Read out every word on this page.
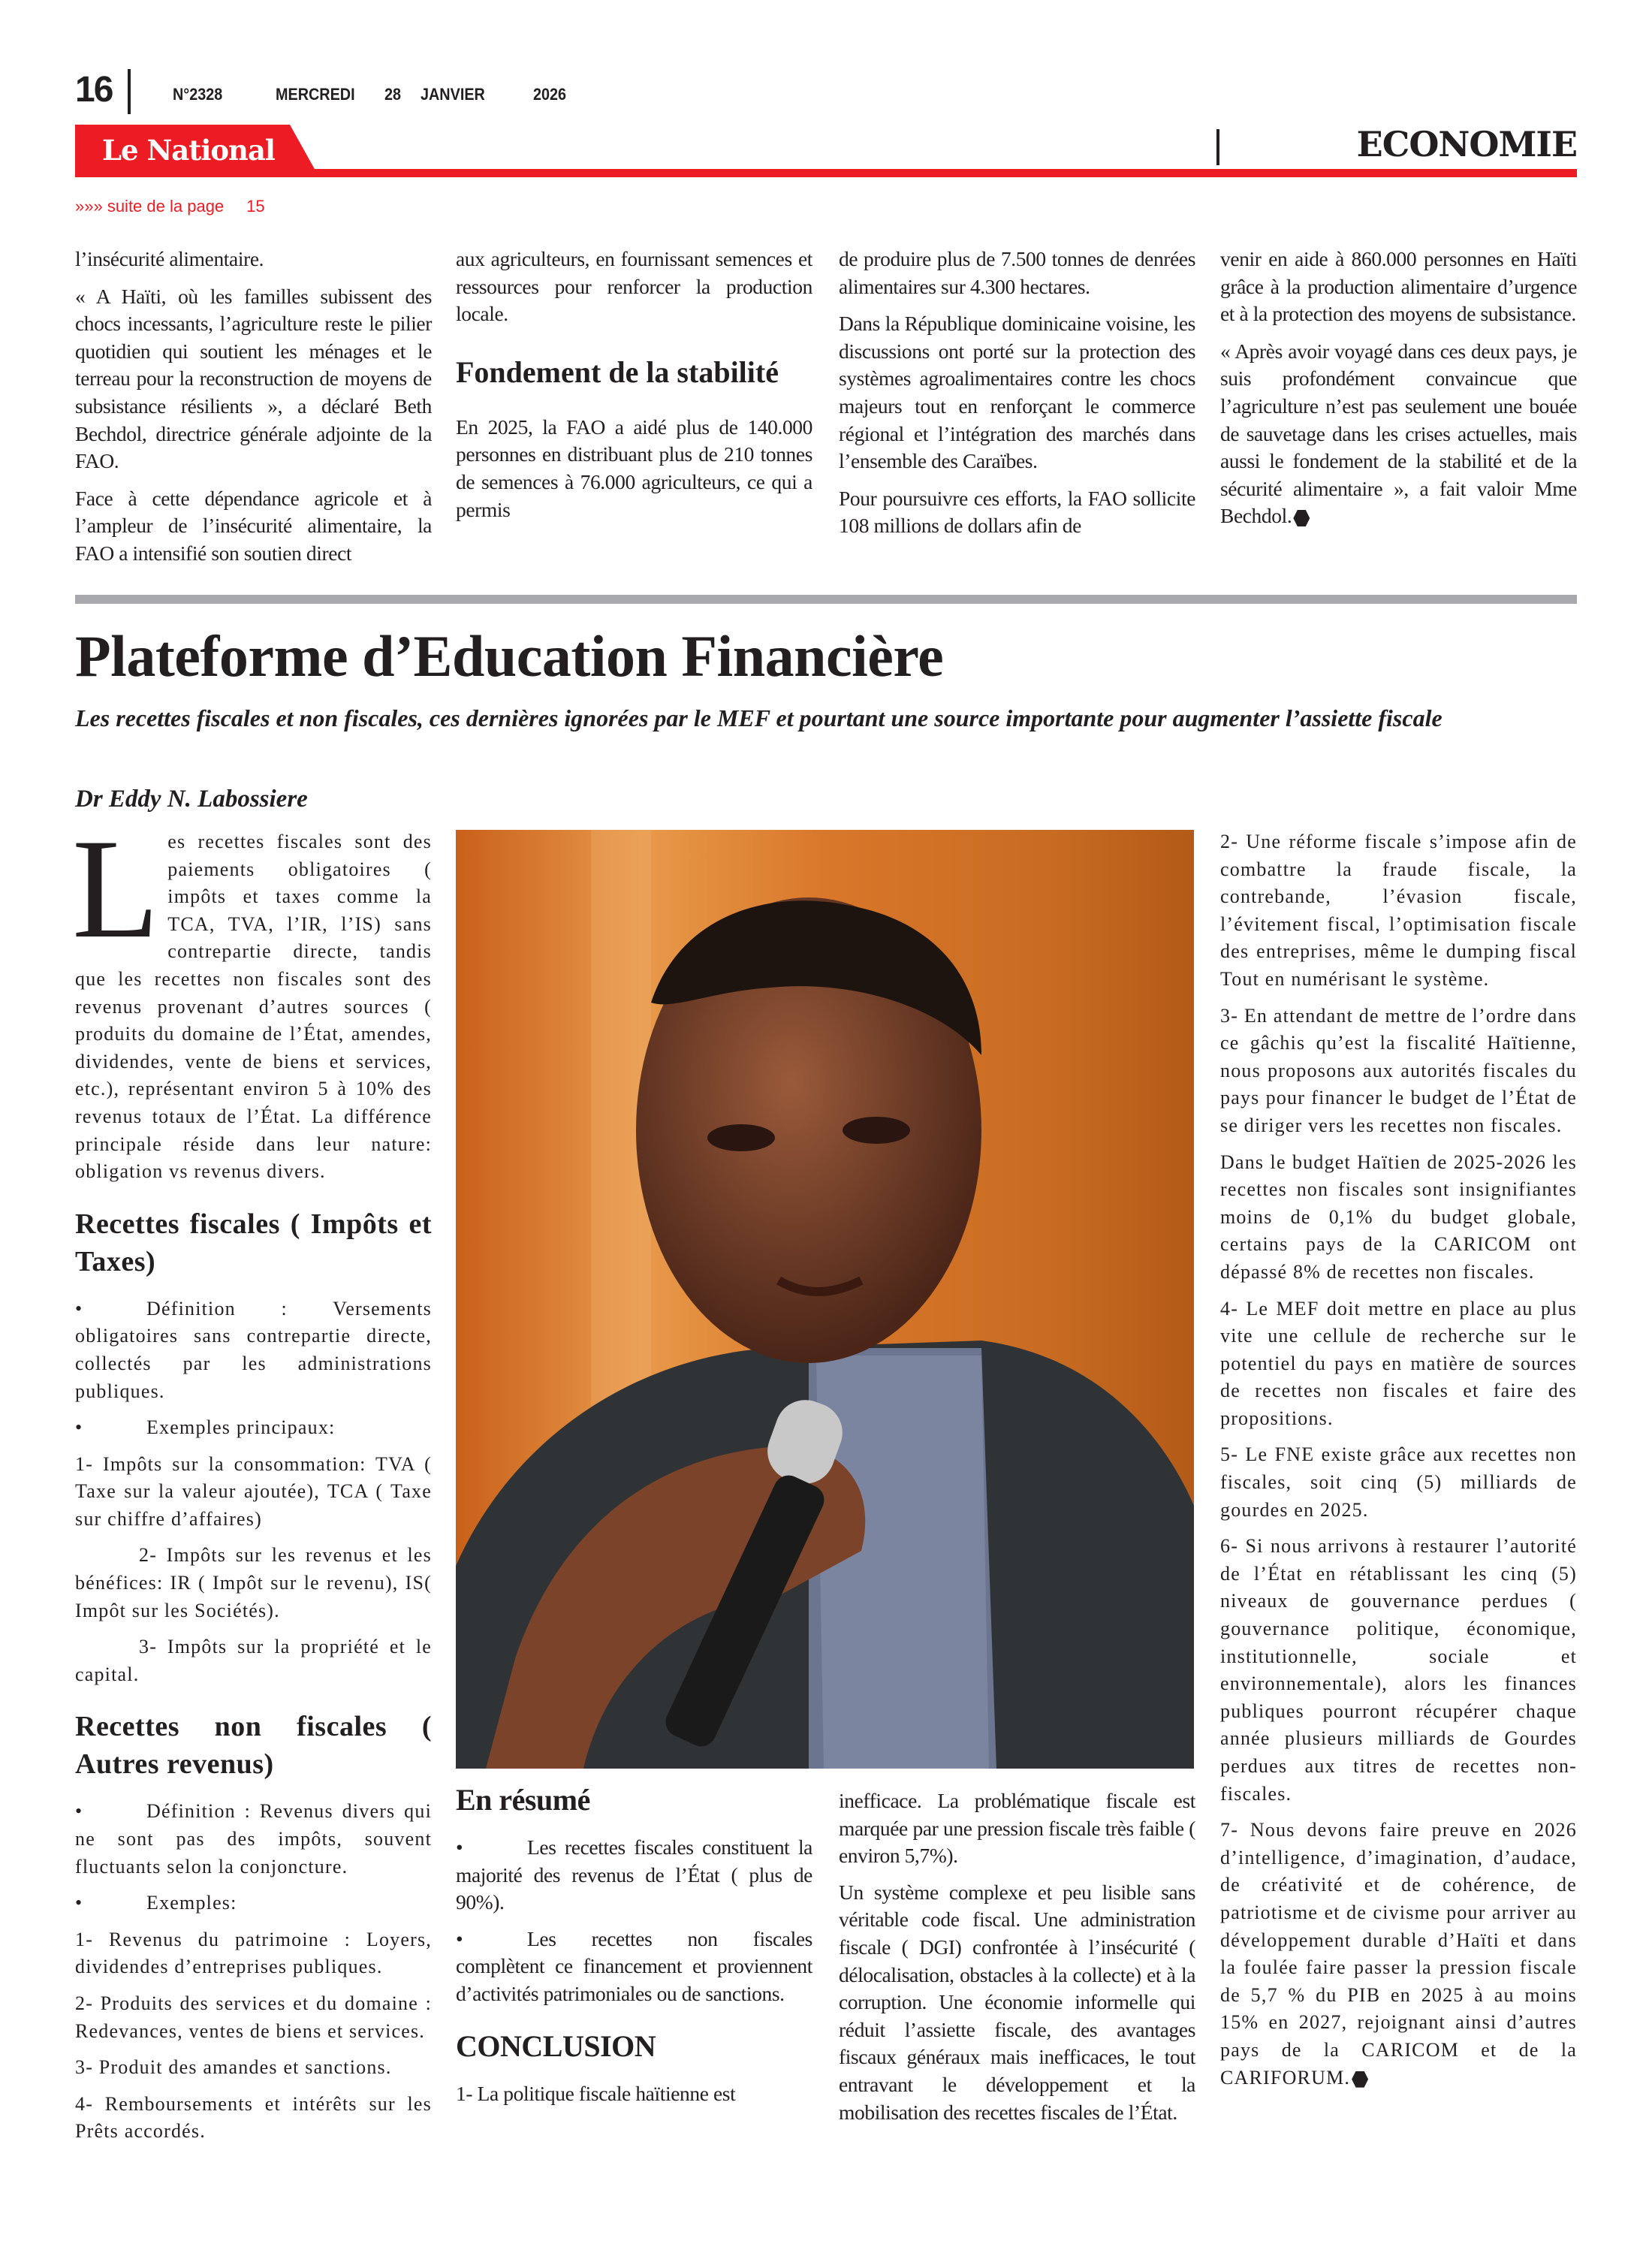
16	N°2328	MERCREDI 28 JANVIER	2026
Le National	ECONOMIE
»»» suite de la page 15

l’insécurité alimentaire.

« A Haïti, où les familles subissent des chocs incessants, l’agriculture reste le pilier quotidien qui soutient les ménages et le terreau pour la reconstruction de moyens de subsistance résilients », a déclaré Beth Bechdol, directrice générale adjointe de la FAO.

Face à cette dépendance agricole et à l’ampleur de l’insécurité alimentaire, la FAO a intensifié son soutien direct

aux agriculteurs, en fournissant semences et ressources pour renforcer la production locale.

Fondement de la stabilité

En 2025, la FAO a aidé plus de 140.000 personnes en distribuant plus de 210 tonnes de semences à 76.000 agriculteurs, ce qui a permis

de produire plus de 7.500 tonnes de denrées alimentaires sur 4.300 hectares.

Dans la République dominicaine voisine, les discussions ont porté sur la protection des systèmes agroalimentaires contre les chocs majeurs tout en renforçant le commerce régional et l’intégration des marchés dans l’ensemble des Caraïbes.

Pour poursuivre ces efforts, la FAO sollicite 108 millions de dollars afin de

venir en aide à 860.000 personnes en Haïti grâce à la production alimentaire d’urgence et à la protection des moyens de subsistance.

« Après avoir voyagé dans ces deux pays, je suis profondément convaincue que l’agriculture n’est pas seulement une bouée de sauvetage dans les crises actuelles, mais aussi le fondement de la stabilité et de la sécurité alimentaire », a fait valoir Mme Bechdol.

Plateforme d’Education Financière
Les recettes fiscales et non fiscales, ces dernières ignorées par le MEF et pourtant une source importante pour augmenter l’assiette fiscale
Dr Eddy N. Labossiere

Les recettes fiscales sont des paiements obligatoires ( impôts et taxes comme la TCA, TVA, l’IR, l’IS) sans contrepartie directe, tandis que les recettes non fiscales sont des revenus provenant d’autres sources ( produits du domaine de l’État, amendes, dividendes, vente de biens et services, etc.), représentant environ 5 à 10% des revenus totaux de l’État. La différence principale réside dans leur nature: obligation vs revenus divers.

Recettes fiscales ( Impôts et Taxes)

•	Définition : Versements obligatoires sans contrepartie directe, collectés par les administrations publiques.

•	Exemples principaux:

1- Impôts sur la consommation: TVA ( Taxe sur la valeur ajoutée), TCA ( Taxe sur chiffre d’affaires)

2- Impôts sur les revenus et les bénéfices: IR ( Impôt sur le revenu), IS( Impôt sur les Sociétés).

3- Impôts sur la propriété et le capital.

Recettes non fiscales ( Autres revenus)

•	Définition : Revenus divers qui ne sont pas des impôts, souvent fluctuants selon la conjoncture.

•	Exemples:

1- Revenus du patrimoine : Loyers, dividendes d’entreprises publiques.

2- Produits des services et du domaine : Redevances, ventes de biens et services.

3- Produit des amandes et sanctions.

4- Remboursements et intérêts sur les Prêts accordés.

En résumé

•	Les recettes fiscales constituent la majorité des revenus de l’État ( plus de 90%).

•	Les recettes non fiscales complètent ce financement et proviennent d’activités patrimoniales ou de sanctions.

CONCLUSION

1- La politique fiscale haïtienne est

inefficace. La problématique fiscale est marquée par une pression fiscale très faible ( environ 5,7%).

Un système complexe et peu lisible sans véritable code fiscal. Une administration fiscale ( DGI) confrontée à l’insécurité ( délocalisation, obstacles à la collecte) et à la corruption. Une économie informelle qui réduit l’assiette fiscale, des avantages fiscaux généraux mais inefficaces, le tout entravant le développement et la mobilisation des recettes fiscales de l’État.

2- Une réforme fiscale s’impose afin de combattre la fraude fiscale, la contrebande, l’évasion fiscale, l’évitement fiscal, l’optimisation fiscale des entreprises, même le dumping fiscal Tout en numérisant le système.

3- En attendant de mettre de l’ordre dans ce gâchis qu’est la fiscalité Haïtienne, nous proposons aux autorités fiscales du pays pour financer le budget de l’État de se diriger vers les recettes non fiscales.

Dans le budget Haïtien de 2025-2026 les recettes non fiscales sont insignifiantes moins de 0,1% du budget globale, certains pays de la CARICOM ont dépassé 8% de recettes non fiscales.

4- Le MEF doit mettre en place au plus vite une cellule de recherche sur le potentiel du pays en matière de sources de recettes non fiscales et faire des propositions.

5- Le FNE existe grâce aux recettes non fiscales, soit cinq (5) milliards de gourdes en 2025.

6- Si nous arrivons à restaurer l’autorité de l’État en rétablissant les cinq (5) niveaux de gouvernance perdues ( gouvernance politique, économique, institutionnelle, sociale et environnementale), alors les finances publiques pourront récupérer chaque année plusieurs milliards de Gourdes perdues aux titres de recettes non-fiscales.

7- Nous devons faire preuve en 2026 d’intelligence, d’imagination, d’audace, de créativité et de cohérence, de patriotisme et de civisme pour arriver au développement durable d’Haïti et dans la foulée faire passer la pression fiscale de 5,7 % du PIB en 2025 à au moins 15% en 2027, rejoignant ainsi d’autres pays de la CARICOM et de la CARIFORUM.
